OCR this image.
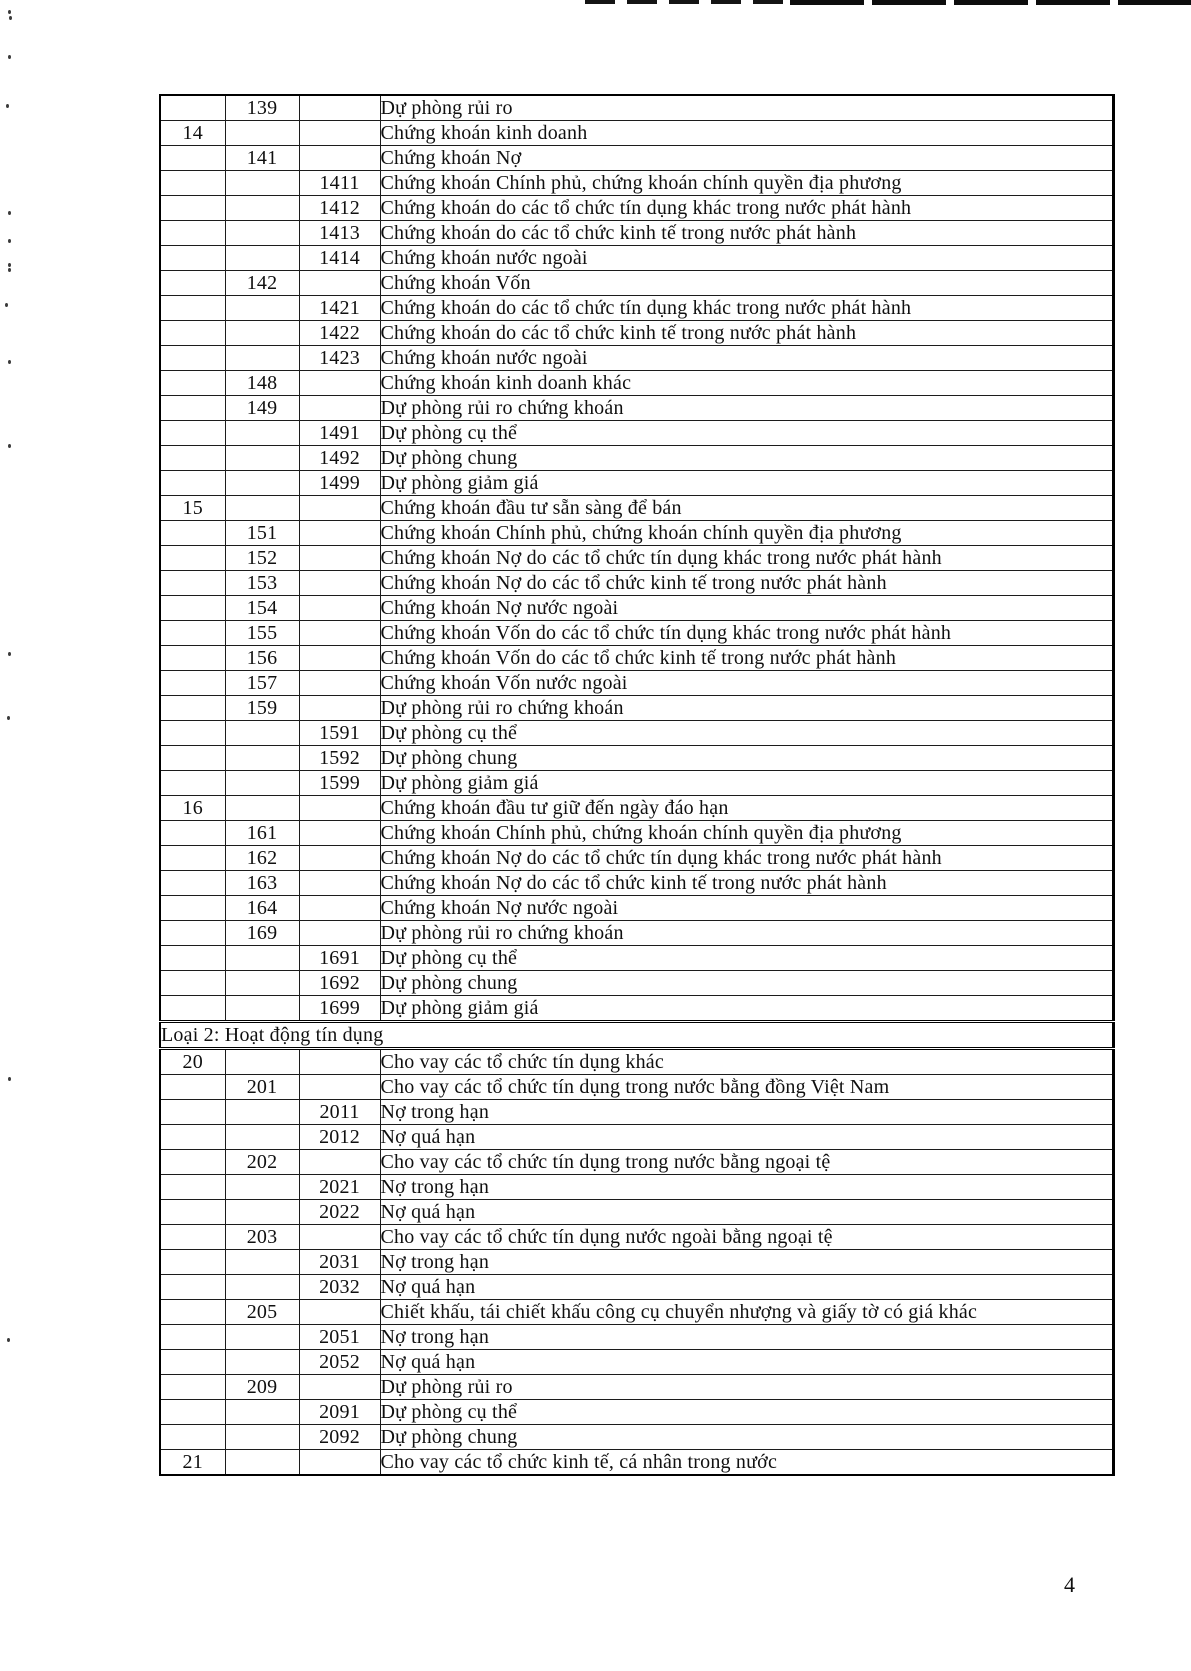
	139		Dự phòng rủi ro
14			Chứng khoán kinh doanh
	141		Chứng khoán Nợ
		1411	Chứng khoán Chính phủ, chứng khoán chính quyền địa phương
		1412	Chứng khoán do các tổ chức tín dụng khác trong nước phát hành
		1413	Chứng khoán do các tổ chức kinh tế trong nước phát hành
		1414	Chứng khoán nước ngoài
	142		Chứng khoán Vốn
		1421	Chứng khoán do các tổ chức tín dụng khác trong nước phát hành
		1422	Chứng khoán do các tổ chức kinh tế trong nước phát hành
		1423	Chứng khoán nước ngoài
	148		Chứng khoán kinh doanh khác
	149		Dự phòng rủi ro chứng khoán
		1491	Dự phòng cụ thể
		1492	Dự phòng chung
		1499	Dự phòng giảm giá
15			Chứng khoán đầu tư sẵn sàng để bán
	151		Chứng khoán Chính phủ, chứng khoán chính quyền địa phương
	152		Chứng khoán Nợ do các tổ chức tín dụng khác trong nước phát hành
	153		Chứng khoán Nợ do các tổ chức kinh tế trong nước phát hành
	154		Chứng khoán Nợ nước ngoài
	155		Chứng khoán Vốn do các tổ chức tín dụng khác trong nước phát hành
	156		Chứng khoán Vốn do các tổ chức kinh tế trong nước phát hành
	157		Chứng khoán Vốn nước ngoài
	159		Dự phòng rủi ro chứng khoán
		1591	Dự phòng cụ thể
		1592	Dự phòng chung
		1599	Dự phòng giảm giá
16			Chứng khoán đầu tư giữ đến ngày đáo hạn
	161		Chứng khoán Chính phủ, chứng khoán chính quyền địa phương
	162		Chứng khoán Nợ do các tổ chức tín dụng khác trong nước phát hành
	163		Chứng khoán Nợ do các tổ chức kinh tế trong nước phát hành
	164		Chứng khoán Nợ nước ngoài
	169		Dự phòng rủi ro chứng khoán
		1691	Dự phòng cụ thể
		1692	Dự phòng chung
		1699	Dự phòng giảm giá
Loại 2: Hoạt động tín dụng			
20			Cho vay các tổ chức tín dụng khác
	201		Cho vay các tổ chức tín dụng trong nước bằng đồng Việt Nam
		2011	Nợ trong hạn
		2012	Nợ quá hạn
	202		Cho vay các tổ chức tín dụng trong nước bằng ngoại tệ
		2021	Nợ trong hạn
		2022	Nợ quá hạn
	203		Cho vay các tổ chức tín dụng nước ngoài bằng ngoại tệ
		2031	Nợ trong hạn
		2032	Nợ quá hạn
	205		Chiết khấu, tái chiết khấu công cụ chuyển nhượng và giấy tờ có giá khác
		2051	Nợ trong hạn
		2052	Nợ quá hạn
	209		Dự phòng rủi ro
		2091	Dự phòng cụ thể
		2092	Dự phòng chung
21			Cho vay các tổ chức kinh tế, cá nhân trong nước
4
